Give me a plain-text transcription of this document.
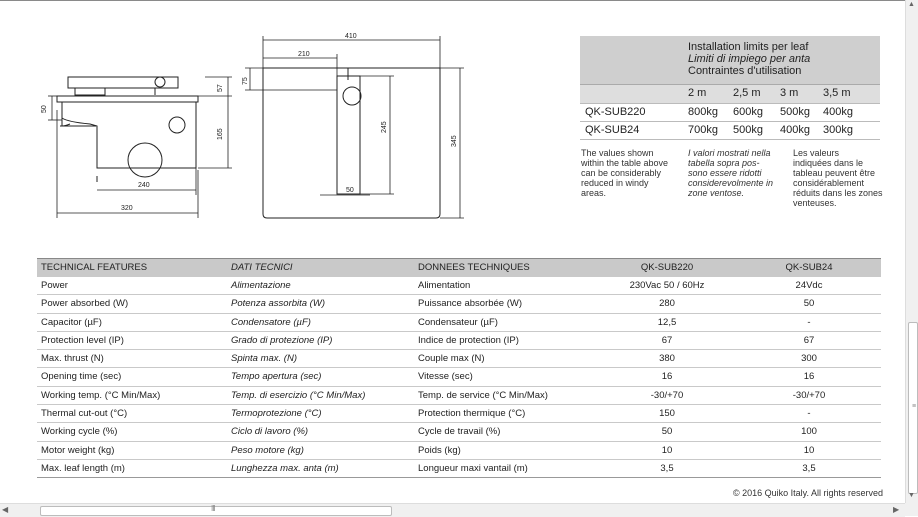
50
57
165
240
320
410
210
75
245
50
345
Installation limits per leaf
Limiti di impiego per anta
Contraintes d'utilisation
2 m 2,5 m 3 m 3,5 m
QK-SUB220	800kg 600kg 500kg 400kg
QK-SUB24	700kg 500kg 400kg 300kg
The values shown
within the table above
can be considerably
reduced in windy
areas.
I valori mostrati nella
tabella sopra pos-
sono essere ridotti
considerevolmente in
zone ventose.
Les valeurs
indiquées dans le
tableau peuvent être
considérablement
réduits dans les zones
venteuses.
TECHNICAL FEATURES	DATI TECNICI	DONNEES TECHNIQUES	QK-SUB220	QK-SUB24
Power	Alimentazione	Alimentation	230Vac 50 / 60Hz	24Vdc
Power absorbed (W)	Potenza assorbita (W)	Puissance absorbée (W)	280	50
Capacitor (µF)	Condensatore (µF)	Condensateur (µF)	12,5	-
Protection level (IP)	Grado di protezione (IP)	Indice de protection (IP)	67	67
Max. thrust (N)	Spinta max. (N)	Couple max (N)	380	300
Opening time (sec)	Tempo apertura (sec)	Vitesse (sec)	16	16
Working temp. (°C Min/Max)	Temp. di esercizio (°C Min/Max)	Temp. de service (°C Min/Max)	-30/+70	-30/+70
Thermal cut-out (°C)	Termoprotezione (°C)	Protection thermique (°C)	150	-
Working cycle (%)	Ciclo di lavoro (%)	Cycle de travail (%)	50	100
Motor weight (kg)	Peso motore (kg)	Poids (kg)	10	10
Max. leaf length (m)	Lunghezza max. anta (m)	Longueur maxi vantail (m)	3,5	3,5
© 2016 Quiko Italy. All rights reserved
▲
≡
▼
◀	III	▶
